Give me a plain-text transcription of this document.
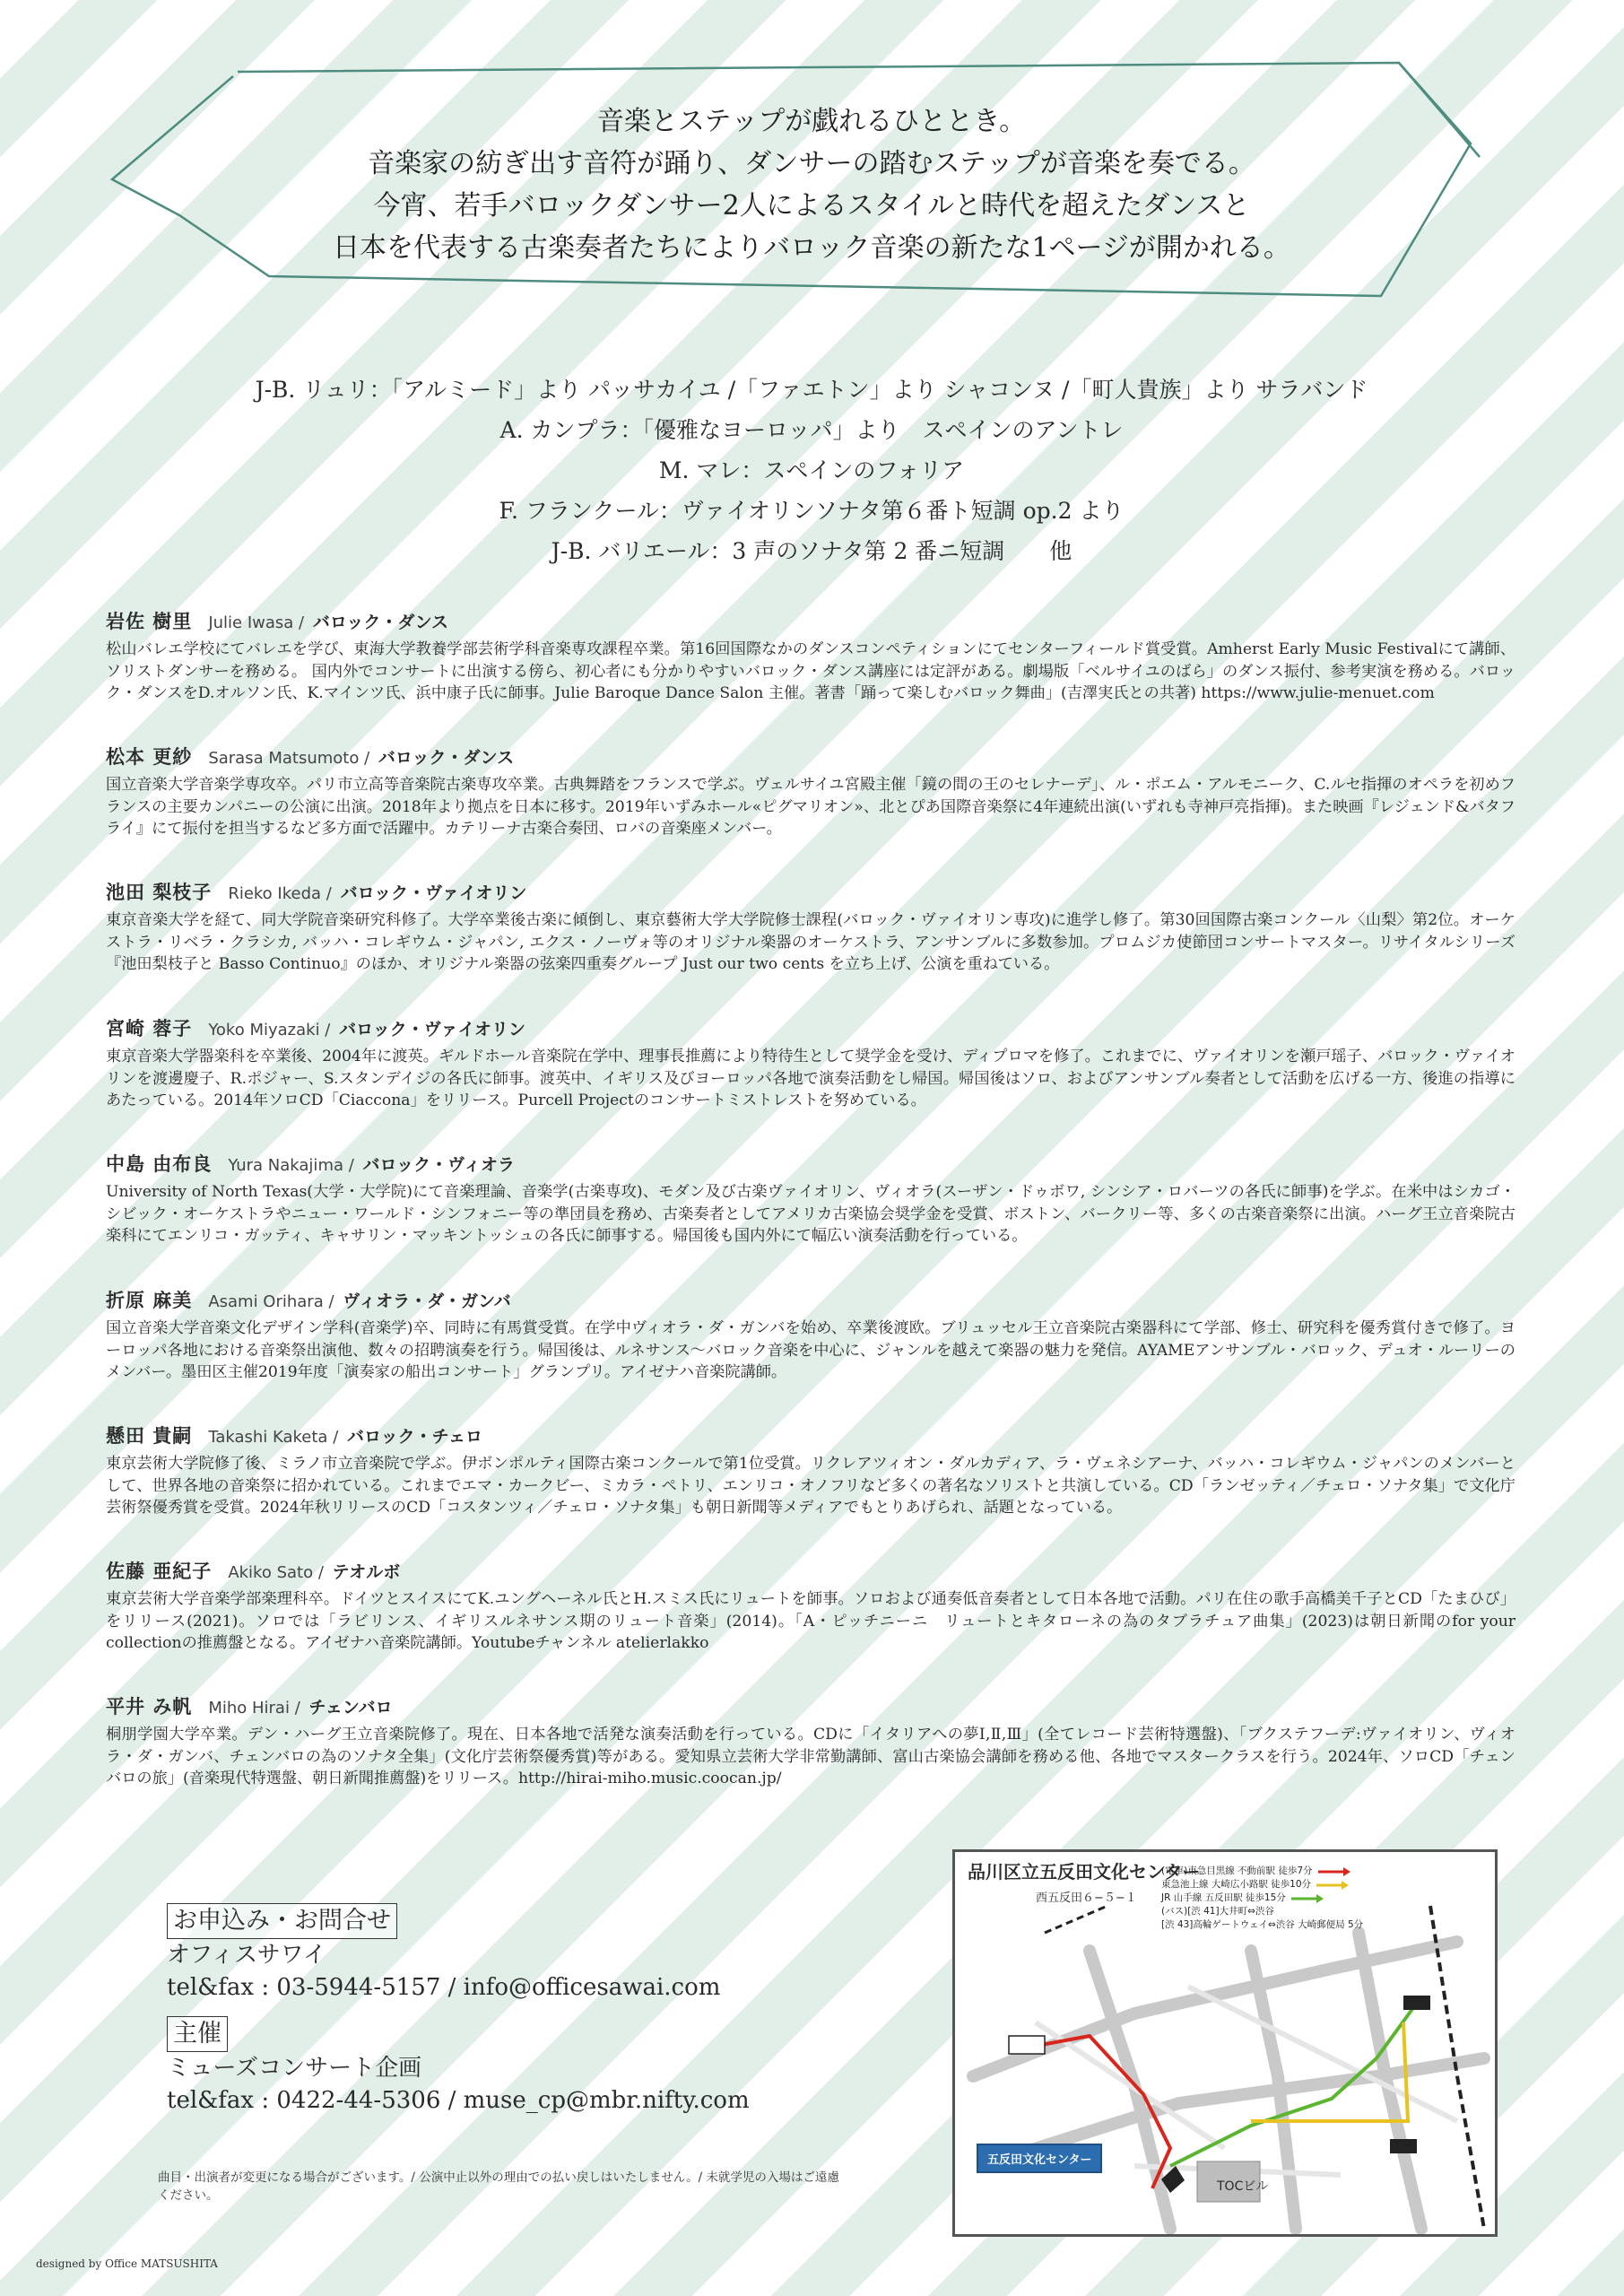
音楽とステップが戯れるひととき。
音楽家の紡ぎ出す音符が踊り、ダンサーの踏むステップが音楽を奏でる。
今宵、若手バロックダンサー2人によるスタイルと時代を超えたダンスと
日本を代表する古楽奏者たちによりバロック音楽の新たな1ページが開かれる。
J-B. リュリ：「アルミード」より パッサカイユ /「ファエトン」より シャコンヌ /「町人貴族」より サラバンド
A. カンプラ：「優雅なヨーロッパ」より　スペインのアントレ
M. マレ：スペインのフォリア
F. フランクール：ヴァイオリンソナタ第６番ト短調 op.2 より
J-B. バリエール：3 声のソナタ第 2 番ニ短調　　他
岩佐 樹里 Julie Iwasa / バロック・ダンス
松山バレエ学校にてバレエを学び、東海大学教養学部芸術学科音楽専攻課程卒業。第16回国際なかのダンスコンペティションにてセンターフィールド賞受賞。Amherst Early Music Festivalにて講師、ソリストダンサーを務める。 国内外でコンサートに出演する傍ら、初心者にも分かりやすいバロック・ダンス講座には定評がある。劇場版「ベルサイユのばら」のダンス振付、参考実演を務める。バロック・ダンスをD.オルソン氏、K.マインツ氏、浜中康子氏に師事。Julie Baroque Dance Salon 主催。著書「踊って楽しむバロック舞曲」(吉澤実氏との共著) https://www.julie-menuet.com
松本 更紗 Sarasa Matsumoto / バロック・ダンス
国立音楽大学音楽学専攻卒。パリ市立高等音楽院古楽専攻卒業。古典舞踏をフランスで学ぶ。ヴェルサイユ宮殿主催「鏡の間の王のセレナーデ」、ル・ポエム・アルモニーク、C.ルセ指揮のオペラを初めフランスの主要カンパニーの公演に出演。2018年より拠点を日本に移す。2019年いずみホール«ピグマリオン»、北とぴあ国際音楽祭に4年連続出演(いずれも寺神戸亮指揮)。また映画『レジェンド&バタフライ』にて振付を担当するなど多方面で活躍中。カテリーナ古楽合奏団、ロバの音楽座メンバー。
池田 梨枝子 Rieko Ikeda / バロック・ヴァイオリン
東京音楽大学を経て、同大学院音楽研究科修了。大学卒業後古楽に傾倒し、東京藝術大学大学院修士課程(バロック・ヴァイオリン専攻)に進学し修了。第30回国際古楽コンクール〈山梨〉第2位。オーケストラ・リベラ・クラシカ, バッハ・コレギウム・ジャパン, エクス・ノーヴォ等のオリジナル楽器のオーケストラ、アンサンブルに多数参加。プロムジカ使節団コンサートマスター。リサイタルシリーズ『池田梨枝子と Basso Continuo』のほか、オリジナル楽器の弦楽四重奏グループ Just our two cents を立ち上げ、公演を重ねている。
宮崎 蓉子 Yoko Miyazaki / バロック・ヴァイオリン
東京音楽大学器楽科を卒業後、2004年に渡英。ギルドホール音楽院在学中、理事長推薦により特待生として奨学金を受け、ディプロマを修了。これまでに、ヴァイオリンを瀬戸瑶子、バロック・ヴァイオリンを渡邊慶子、R.ポジャー、S.スタンデイジの各氏に師事。渡英中、イギリス及びヨーロッパ各地で演奏活動をし帰国。帰国後はソロ、およびアンサンブル奏者として活動を広げる一方、後進の指導にあたっている。2014年ソロCD「Ciaccona」をリリース。Purcell Projectのコンサートミストレストを努めている。
中島 由布良 Yura Nakajima / バロック・ヴィオラ
University of North Texas(大学・大学院)にて音楽理論、音楽学(古楽専攻)、モダン及び古楽ヴァイオリン、ヴィオラ(スーザン・ドゥボワ, シンシア・ロバーツの各氏に師事)を学ぶ。在米中はシカゴ・シビック・オーケストラやニュー・ワールド・シンフォニー等の準団員を務め、古楽奏者としてアメリカ古楽協会奨学金を受賞、ボストン、バークリー等、多くの古楽音楽祭に出演。ハーグ王立音楽院古楽科にてエンリコ・ガッティ、キャサリン・マッキントッシュの各氏に師事する。帰国後も国内外にて幅広い演奏活動を行っている。
折原 麻美 Asami Orihara / ヴィオラ・ダ・ガンバ
国立音楽大学音楽文化デザイン学科(音楽学)卒、同時に有馬賞受賞。在学中ヴィオラ・ダ・ガンバを始め、卒業後渡欧。ブリュッセル王立音楽院古楽器科にて学部、修士、研究科を優秀賞付きで修了。ヨーロッパ各地における音楽祭出演他、数々の招聘演奏を行う。帰国後は、ルネサンス〜バロック音楽を中心に、ジャンルを越えて楽器の魅力を発信。AYAMEアンサンブル・バロック、デュオ・ルーリーのメンバー。墨田区主催2019年度「演奏家の船出コンサート」グランプリ。アイゼナハ音楽院講師。
懸田 貴嗣 Takashi Kaketa / バロック・チェロ
東京芸術大学院修了後、ミラノ市立音楽院で学ぶ。伊ボンポルティ国際古楽コンクールで第1位受賞。リクレアツィオン・ダルカディア、ラ・ヴェネシアーナ、バッハ・コレギウム・ジャパンのメンバーとして、世界各地の音楽祭に招かれている。これまでエマ・カークビー、ミカラ・ペトリ、エンリコ・オノフリなど多くの著名なソリストと共演している。CD「ランゼッティ／チェロ・ソナタ集」で文化庁芸術祭優秀賞を受賞。2024年秋リリースのCD「コスタンツィ／チェロ・ソナタ集」も朝日新聞等メディアでもとりあげられ、話題となっている。
佐藤 亜紀子 Akiko Sato / テオルボ
東京芸術大学音楽学部楽理科卒。ドイツとスイスにてK.ユングヘーネル氏とH.スミス氏にリュートを師事。ソロおよび通奏低音奏者として日本各地で活動。パリ在住の歌手高橋美千子とCD「たまひび」をリリース(2021)。ソロでは「ラビリンス、イギリスルネサンス期のリュート音楽」(2014)。「A・ピッチニーニ　リュートとキタローネの為のタブラチュア曲集」(2023)は朝日新聞のfor your collectionの推薦盤となる。アイゼナハ音楽院講師。Youtubeチャンネル atelierlakko
平井 み帆 Miho Hirai / チェンバロ
桐朋学園大学卒業。デン・ハーグ王立音楽院修了。現在、日本各地で活発な演奏活動を行っている。CDに「イタリアへの夢Ⅰ,Ⅱ,Ⅲ」(全てレコード芸術特選盤)、「ブクステフーデ:ヴァイオリン、ヴィオラ・ダ・ガンバ、チェンバロの為のソナタ全集」(文化庁芸術祭優秀賞)等がある。愛知県立芸術大学非常勤講師、富山古楽協会講師を務める他、各地でマスタークラスを行う。2024年、ソロCD「チェンバロの旅」(音楽現代特選盤、朝日新聞推薦盤)をリリース。http://hirai-miho.music.coocan.jp/
お申込み・お問合せ
オフィスサワイ
tel&fax : 03-5944-5157 / info@officesawai.com
主催
ミューズコンサート企画
tel&fax : 0422-44-5306 / muse_cp@mbr.nifty.com
曲目・出演者が変更になる場合がございます。/ 公演中止以外の理由での払い戻しはいたしません。/ 未就学児の入場はご遠慮ください。
designed by Office MATSUSHITA
品川区立五反田文化センター
西五反田６−５−１
(電車)東急目黒線 不動前駅 徒歩7分
東急池上線 大崎広小路駅 徒歩10分
JR 山手線 五反田駅 徒歩15分
(バス)[渋 41]大井町⇔渋谷
[渋 43]高輪ゲートウェイ⇔渋谷 大崎郵便局 5分
五反田文化センター
TOCビル
